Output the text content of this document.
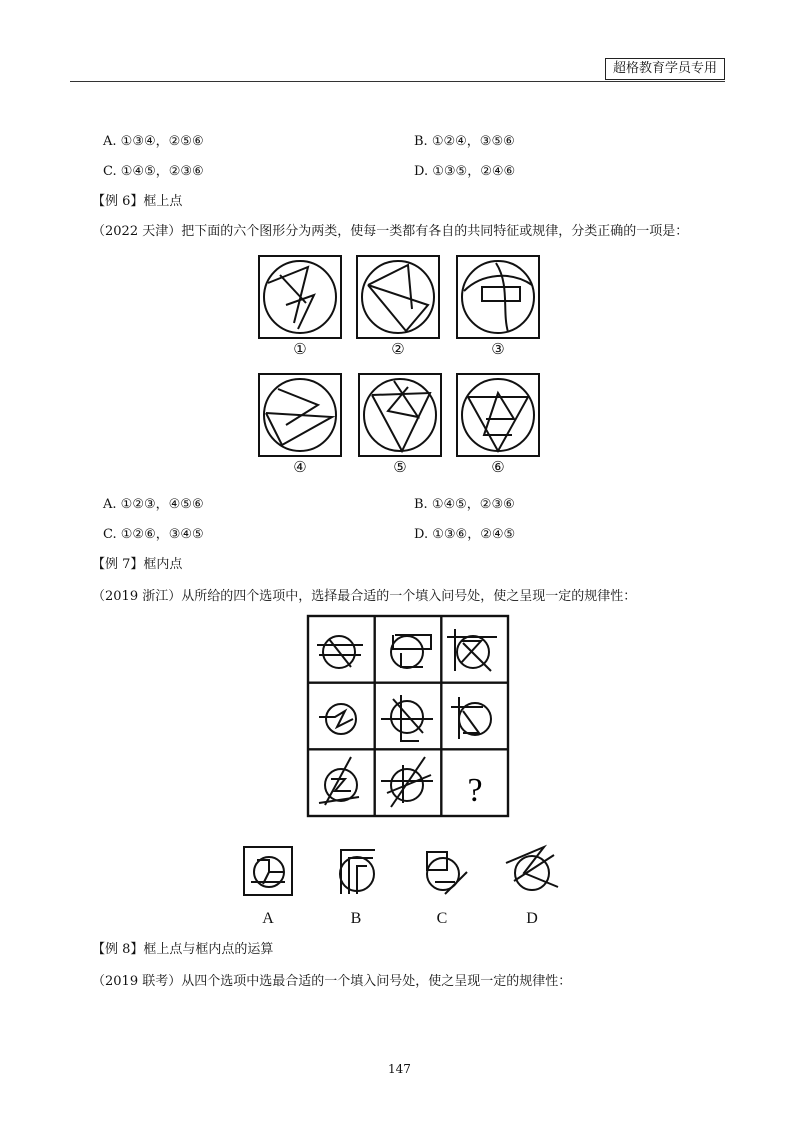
超格教育学员专用
A. ①③④，②⑤⑥	B. ①②④，③⑤⑥
C. ①④⑤，②③⑥	D. ①③⑤，②④⑥
【例 6】框上点
（2022 天津）把下面的六个图形分为两类，使每一类都有各自的共同特征或规律，分类正确的一项是：
①	②	③
④	⑤	⑥
A. ①②③，④⑤⑥	B. ①④⑤，②③⑥
C. ①②⑥，③④⑤	D. ①③⑥，②④⑤
【例 7】框内点
（2019 浙江）从所给的四个选项中，选择最合适的一个填入问号处，使之呈现一定的规律性：
?
A	B	C	D
【例 8】框上点与框内点的运算
（2019 联考）从四个选项中选最合适的一个填入问号处，使之呈现一定的规律性：
147
